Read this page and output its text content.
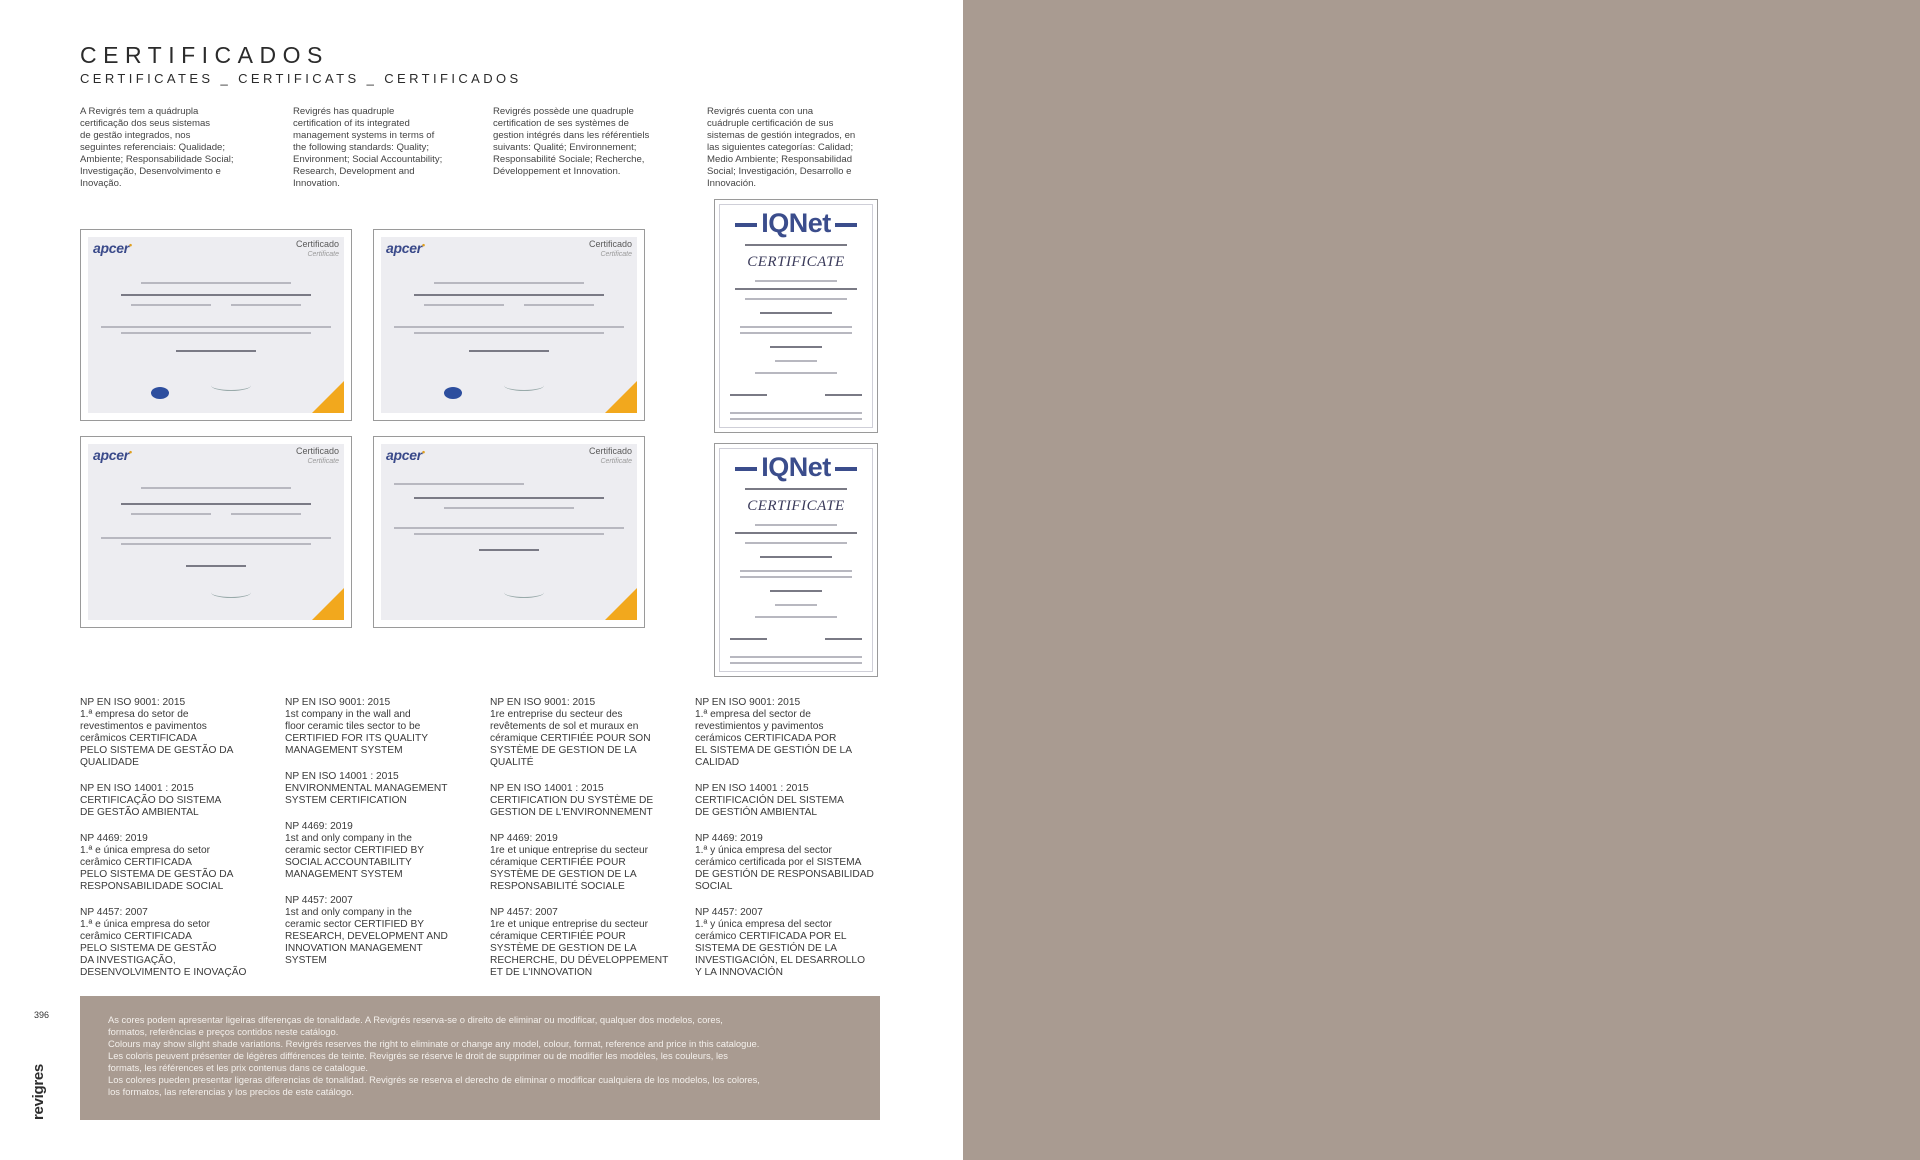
CERTIFICADOS
CERTIFICATES _ CERTIFICATS _ CERTIFICADOS
A Revigrés tem a quádrupla
certificação dos seus sistemas
de gestão integrados, nos
seguintes referenciais: Qualidade;
Ambiente; Responsabilidade Social;
Investigação, Desenvolvimento e
Inovação.
Revigrés has quadruple
certification of its integrated
management systems in terms of
the following standards: Quality;
Environment; Social Accountability;
Research, Development and
Innovation.
Revigrés possède une quadruple
certification de ses systèmes de
gestion intégrés dans les référentiels
suivants: Qualité; Environnement;
Responsabilité Sociale; Recherche,
Développement et Innovation.
Revigrés cuenta con una
cuádruple certificación de sus
sistemas de gestión integrados, en
las siguientes categorías: Calidad;
Medio Ambiente; Responsabilidad
Social; Investigación, Desarrollo e
Innovación.
apcer•	Certificado
Certificate	apcer•	Certificado
Certificate
apcer•	Certificado
Certificate	apcer•	Certificado
Certificate
IQNet
CERTIFICATE
IQNet
CERTIFICATE
NP EN ISO 9001: 2015
1.ª empresa do setor de
revestimentos e pavimentos
cerâmicos CERTIFICADA
PELO SISTEMA DE GESTÃO DA
QUALIDADE
NP EN ISO 14001 : 2015
CERTIFICAÇÃO DO SISTEMA
DE GESTÃO AMBIENTAL
NP 4469: 2019
1.ª e única empresa do setor
cerâmico CERTIFICADA
PELO SISTEMA DE GESTÃO DA
RESPONSABILIDADE SOCIAL
NP 4457: 2007
1.ª e única empresa do setor
cerâmico CERTIFICADA
PELO SISTEMA DE GESTÃO
DA INVESTIGAÇÃO,
DESENVOLVIMENTO E INOVAÇÃO
NP EN ISO 9001: 2015
1st company in the wall and
floor ceramic tiles sector to be
CERTIFIED FOR ITS QUALITY
MANAGEMENT SYSTEM
NP EN ISO 14001 : 2015
ENVIRONMENTAL MANAGEMENT
SYSTEM CERTIFICATION
NP 4469: 2019
1st and only company in the
ceramic sector CERTIFIED BY
SOCIAL ACCOUNTABILITY
MANAGEMENT SYSTEM
NP 4457: 2007
1st and only company in the
ceramic sector CERTIFIED BY
RESEARCH, DEVELOPMENT AND
INNOVATION MANAGEMENT
SYSTEM
NP EN ISO 9001: 2015
1re entreprise du secteur des
revêtements de sol et muraux en
céramique CERTIFIÉE POUR SON
SYSTÈME DE GESTION DE LA
QUALITÉ
NP EN ISO 14001 : 2015
CERTIFICATION DU SYSTÈME DE
GESTION DE L'ENVIRONNEMENT
NP 4469: 2019
1re et unique entreprise du secteur
céramique CERTIFIÉE POUR
SYSTÈME DE GESTION DE LA
RESPONSABILITÉ SOCIALE
NP 4457: 2007
1re et unique entreprise du secteur
céramique CERTIFIÉE POUR
SYSTÈME DE GESTION DE LA
RECHERCHE, DU DÉVELOPPEMENT
ET DE L'INNOVATION
NP EN ISO 9001: 2015
1.ª empresa del sector de
revestimientos y pavimentos
cerámicos CERTIFICADA POR
EL SISTEMA DE GESTIÓN DE LA
CALIDAD
NP EN ISO 14001 : 2015
CERTIFICACIÓN DEL SISTEMA
DE GESTIÓN AMBIENTAL
NP 4469: 2019
1.ª y única empresa del sector
cerámico certificada por el SISTEMA
DE GESTIÓN DE RESPONSABILIDAD
SOCIAL
NP 4457: 2007
1.ª y única empresa del sector
cerámico CERTIFICADA POR EL
SISTEMA DE GESTIÓN DE LA
INVESTIGACIÓN, EL DESARROLLO
Y LA INNOVACIÓN
396
revigres

As cores podem apresentar ligeiras diferenças de tonalidade. A Revigrés reserva-se o direito de eliminar ou modificar, qualquer dos modelos, cores,
formatos, referências e preços contidos neste catálogo.

Colours may show slight shade variations. Revigrés reserves the right to eliminate or change any model, colour, format, reference and price in this catalogue.

Les coloris peuvent présenter de légères différences de teinte. Revigrés se réserve le droit de supprimer ou de modifier les modèles, les couleurs, les
formats, les références et les prix contenus dans ce catalogue.

Los colores pueden presentar ligeras diferencias de tonalidad. Revigrés se reserva el derecho de eliminar o modificar cualquiera de los modelos, los colores,
los formatos, las referencias y los precios de este catálogo.
